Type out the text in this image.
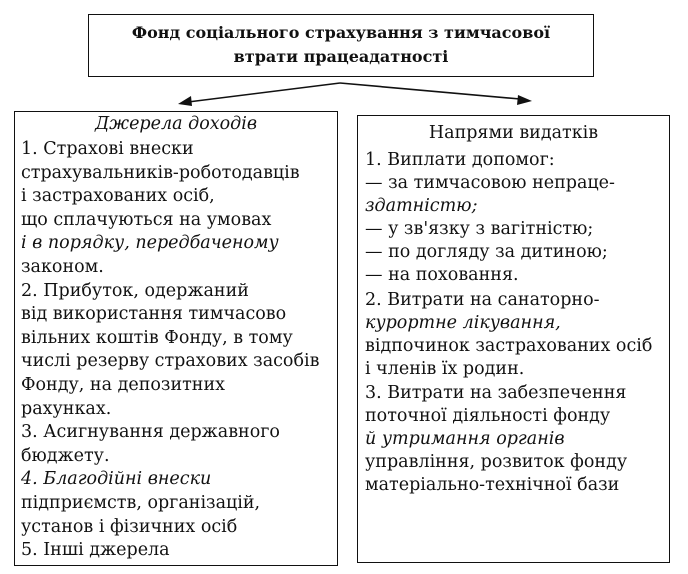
Фонд соціального страхування з тимчасової
втрати працеадатності
Джерела доходів
1. Страхові внески
страхувальників-роботодавців
і застрахованих осіб,
що сплачуються на умовах
і в порядку, передбаченому
законом.
2. Прибуток, одержаний
від використання тимчасово
вільних коштів Фонду, в тому
числі резерву страхових засобів
Фонду, на депозитних
рахунках.
3. Асигнування державного
бюджету.
4. Благодійні внески
підприємств, організацій,
установ і фізичних осіб
5. Інші джерела
Напрями видатків
1. Виплати допомог:
— за тимчасовою непраце-
здатністю;
— у зв'язку з вагітністю;
— по догляду за дитиною;
— на поховання.
2. Витрати на санаторно-
курортне лікування,
відпочинок застрахованих осіб
і членів їх родин.
3. Витрати на забезпечення
поточної діяльності фонду
й утримання органів
управління, розвиток фонду
матеріально-технічної бази
